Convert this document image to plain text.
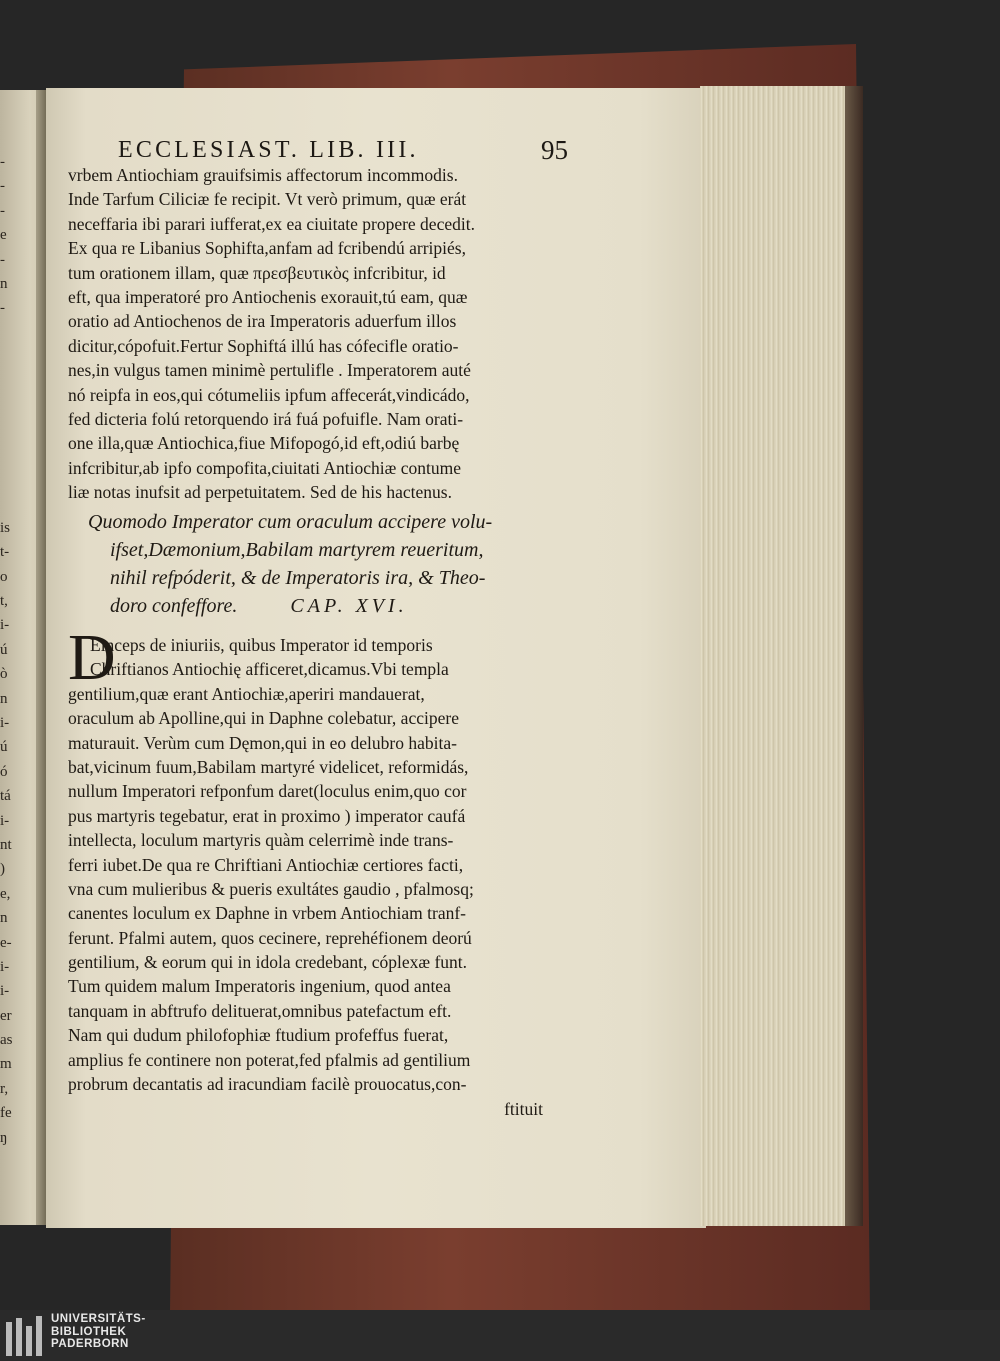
-
-
-
e
-
n
-
is
t-
o
t,
i-
ú
ò
n
i-
ú
ó
tá
i-
nt
)
e,
n
e-
i-
i-
er
as
m
r,
fe
ŋ
ECCLESIAST. LIB. III.	95
vrbem Antiochiam grauifsimis affectorum incommodis.
Inde Tarfum Ciliciæ fe recipit. Vt verò primum, quæ erát
neceffaria ibi parari iufferat,ex ea ciuitate propere decedit.
Ex qua re Libanius Sophifta,anfam ad fcribendú arripiés,
tum orationem illam, quæ πρεσβευτικὸς infcribitur, id
eft, qua imperatoré pro Antiochenis exorauit,tú eam, quæ
oratio ad Antiochenos de ira Imperatoris aduerfum illos
dicitur,cópofuit.Fertur Sophiftá illú has cófecifle oratio-
nes,in vulgus tamen minimè pertulifle . Imperatorem auté
nó reipfa in eos,qui cótumeliis ipfum affecerát,vindicádo,
fed dicteria folú retorquendo irá fuá pofuifle. Nam orati-
one illa,quæ Antiochica,fiue Mifopogó,id eft,odiú barbę
infcribitur,ab ipfo compofita,ciuitati Antiochiæ contume
liæ notas inufsit ad perpetuitatem. Sed de his hactenus.
Quomodo Imperator cum oraculum accipere volu-
ifset,Dæmonium,Babilam martyrem reueritum,
nihil refpóderit, & de Imperatoris ira, & Theo-
doro confeffore.	CAP. XVI.
D
Einceps de iniuriis, quibus Imperator id temporis
Chriftianos Antiochię afficeret,dicamus.Vbi templa
gentilium,quæ erant Antiochiæ,aperiri mandauerat,
oraculum ab Apolline,qui in Daphne colebatur, accipere
maturauit. Verùm cum Dęmon,qui in eo delubro habita-
bat,vicinum fuum,Babilam martyré videlicet, reformidás,
nullum Imperatori refponfum daret(loculus enim,quo cor
pus martyris tegebatur, erat in proximo ) imperator caufá
intellecta, loculum martyris quàm celerrimè inde trans-
ferri iubet.De qua re Chriftiani Antiochiæ certiores facti,
vna cum mulieribus & pueris exultátes gaudio , pfalmosq;
canentes loculum ex Daphne in vrbem Antiochiam tranf-
ferunt. Pfalmi autem, quos cecinere, reprehéfionem deorú
gentilium, & eorum qui in idola credebant, cóplexæ funt.
Tum quidem malum Imperatoris ingenium, quod antea
tanquam in abftrufo delituerat,omnibus patefactum eft.
Nam qui dudum philofophiæ ftudium profeffus fuerat,
amplius fe continere non poterat,fed pfalmis ad gentilium
probrum decantatis ad iracundiam facilè prouocatus,con-
ftituit
UNIVERSITÄTS-
BIBLIOTHEK
PADERBORN
